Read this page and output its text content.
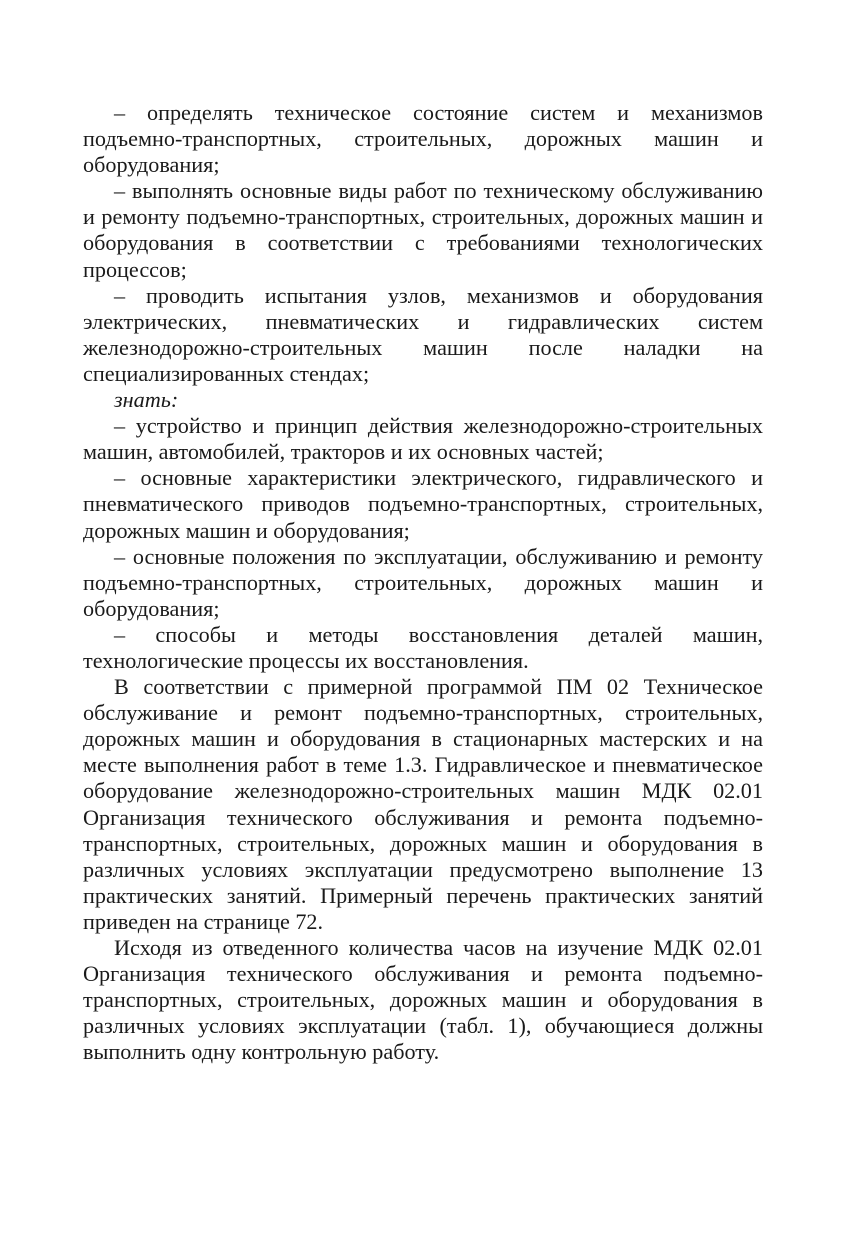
– определять техническое состояние систем и механизмов подъемно-транспортных, строительных, дорожных машин и оборудования;

– выполнять основные виды работ по техническому обслуживанию и ремонту подъемно-транспортных, строительных, дорожных машин и оборудования в соответствии с требованиями технологических процессов;

– проводить испытания узлов, механизмов и оборудования электрических, пневматических и гидравлических систем железнодорожно-строительных машин после наладки на специализированных стендах;

знать:

– устройство и принцип действия железнодорожно-строительных машин, автомобилей, тракторов и их основных частей;

– основные характеристики электрического, гидравлического и пневматического приводов подъемно-транспортных, строительных, дорожных машин и оборудования;

– основные положения по эксплуатации, обслуживанию и ремонту подъемно-транспортных, строительных, дорожных машин и оборудования;

– способы и методы восстановления деталей машин, технологические процессы их восстановления.

В соответствии с примерной программой ПМ 02 Техническое обслуживание и ремонт подъемно-транспортных, строительных, дорожных машин и оборудования в стационарных мастерских и на месте выполнения работ в теме 1.3. Гидравлическое и пневматическое оборудование железнодорожно-строительных машин МДК 02.01 Организация технического обслуживания и ремонта подъемно-транспортных, строительных, дорожных машин и оборудования в различных условиях эксплуатации предусмотрено выполнение 13 практических занятий. Примерный перечень практических занятий приведен на странице 72.

Исходя из отведенного количества часов на изучение МДК 02.01 Организация технического обслуживания и ремонта подъемно-транспортных, строительных, дорожных машин и оборудования в различных условиях эксплуатации (табл. 1), обучающиеся должны выполнить одну контрольную работу.
